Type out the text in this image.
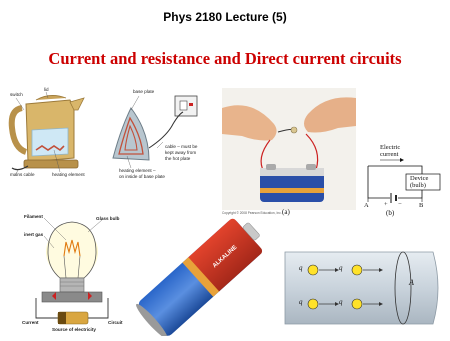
Phys 2180 Lecture (5)
Current and resistance and Direct current circuits
switch
lid
mains cable	heating element
base plate
cable – must be
kept away from
the hot plate
heating element –
on inside of base plate
Copyright © 2008 Pearson Education, Inc. (a)
Electric
current
Device
(bulb)
A + −	B
(b)
Filament	Glass bulb
inert gas
Current	Circuit
Source of electricity
ALKALINE	q	q
q	q
A
